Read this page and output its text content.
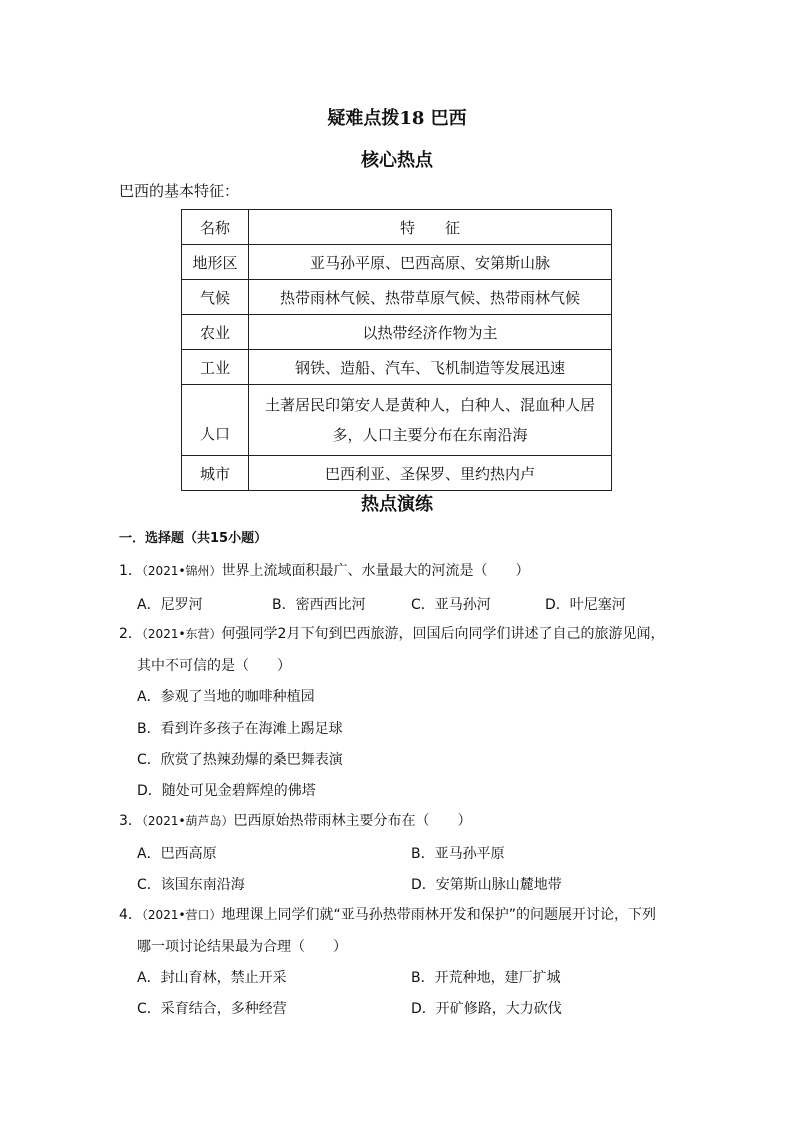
疑难点拨18 巴西
核心热点
巴西的基本特征：
名称	特　　征
地形区	亚马孙平原、巴西高原、安第斯山脉
气候	热带雨林气候、热带草原气候、热带雨林气候
农业	以热带经济作物为主
工业	钢铁、造船、汽车、飞机制造等发展迅速
人口	土著居民印第安人是黄种人，白种人、混血种人居
多，人口主要分布在东南沿海

城市	巴西利亚、圣保罗、里约热内卢
热点演练
一．选择题（共15小题）
1．（2021•锦州）世界上流域面积最广、水量最大的河流是（　　）
A．尼罗河	B．密西西比河	C．亚马孙河	D．叶尼塞河
2．（2021•东营）何强同学2月下旬到巴西旅游，回国后向同学们讲述了自己的旅游见闻，
其中不可信的是（　　）
A．参观了当地的咖啡种植园
B．看到许多孩子在海滩上踢足球
C．欣赏了热辣劲爆的桑巴舞表演
D．随处可见金碧辉煌的佛塔
3．（2021•葫芦岛）巴西原始热带雨林主要分布在（　　）
A．巴西高原	B．亚马孙平原
C．该国东南沿海	D．安第斯山脉山麓地带
4．（2021•营口）地理课上同学们就“亚马孙热带雨林开发和保护”的问题展开讨论，下列
哪一项讨论结果最为合理（　　）
A．封山育林，禁止开采	B．开荒种地，建厂扩城
C．采育结合，多种经营	D．开矿修路，大力砍伐
